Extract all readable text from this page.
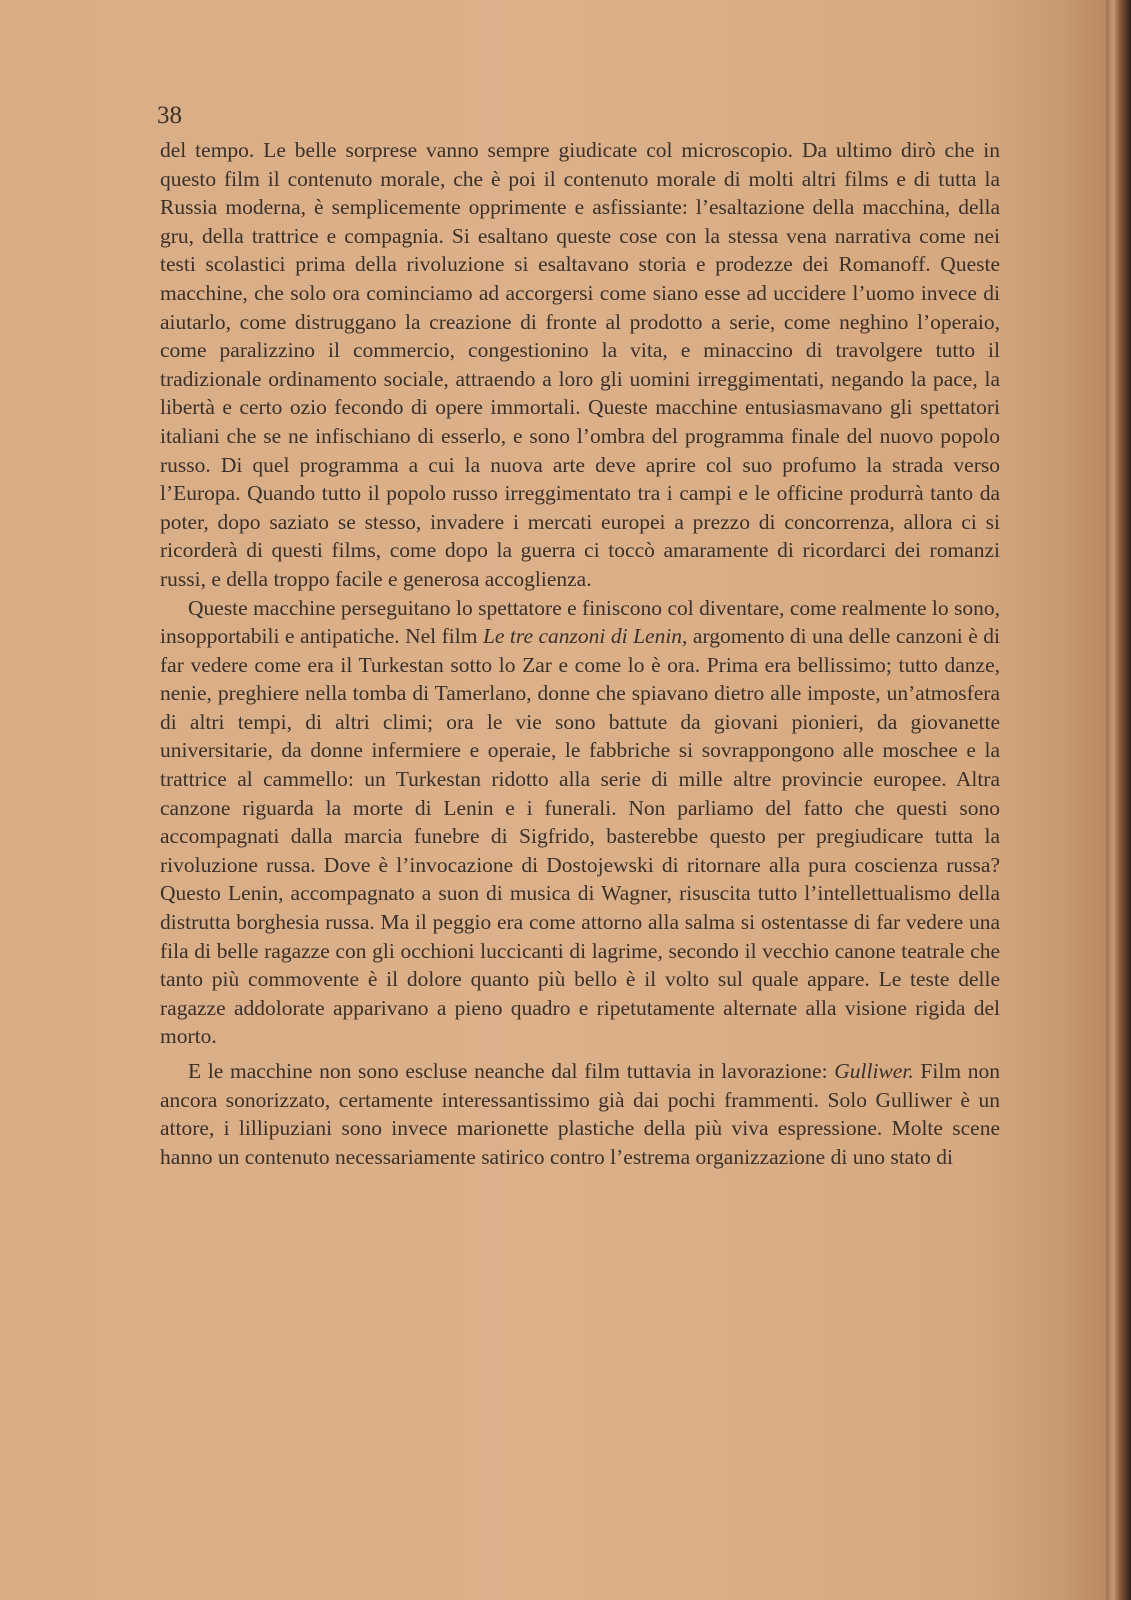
38

del tempo. Le belle sorprese vanno sempre giudicate col microscopio. Da ultimo dirò che in questo film il contenuto morale, che è poi il contenuto morale di molti altri films e di tutta la Russia moderna, è semplicemente opprimente e asfissiante: l’esaltazione della macchina, della gru, della trattrice e compagnia. Si esaltano queste cose con la stessa vena narrativa come nei testi scolastici prima della rivoluzione si esaltavano storia e prodezze dei Romanoff. Queste macchine, che solo ora cominciamo ad accorgersi come siano esse ad uccidere l’uomo invece di aiutarlo, come distruggano la creazione di fronte al prodotto a serie, come neghino l’operaio, come paralizzino il commercio, congestionino la vita, e minaccino di travolgere tutto il tradizionale ordinamento sociale, attraendo a loro gli uomini irreggimentati, negando la pace, la libertà e certo ozio fecondo di opere immortali. Queste macchine entusiasmavano gli spettatori italiani che se ne infischiano di esserlo, e sono l’ombra del programma finale del nuovo popolo russo. Di quel programma a cui la nuova arte deve aprire col suo profumo la strada verso l’Europa. Quando tutto il popolo russo irreggimentato tra i campi e le officine produrrà tanto da poter, dopo saziato se stesso, invadere i mercati europei a prezzo di concorrenza, allora ci si ricorderà di questi films, come dopo la guerra ci toccò amaramente di ricordarci dei romanzi russi, e della troppo facile e generosa accoglienza.

Queste macchine perseguitano lo spettatore e finiscono col diventare, come realmente lo sono, insopportabili e antipatiche. Nel film Le tre canzoni di Lenin, argomento di una delle canzoni è di far vedere come era il Turkestan sotto lo Zar e come lo è ora. Prima era bellissimo; tutto danze, nenie, preghiere nella tomba di Tamerlano, donne che spiavano dietro alle imposte, un’atmosfera di altri tempi, di altri climi; ora le vie sono battute da giovani pionieri, da giovanette universitarie, da donne infermiere e operaie, le fabbriche si sovrappongono alle moschee e la trattrice al cammello: un Turkestan ridotto alla serie di mille altre provincie europee. Altra canzone riguarda la morte di Lenin e i funerali. Non parliamo del fatto che questi sono accompagnati dalla marcia funebre di Sigfrido, basterebbe questo per pregiudicare tutta la rivoluzione russa. Dove è l’invocazione di Dostojewski di ritornare alla pura coscienza russa? Questo Lenin, accompagnato a suon di musica di Wagner, risuscita tutto l’intellettualismo della distrutta borghesia russa. Ma il peggio era come attorno alla salma si ostentasse di far vedere una fila di belle ragazze con gli occhioni luccicanti di lagrime, secondo il vecchio canone teatrale che tanto più commovente è il dolore quanto più bello è il volto sul quale appare. Le teste delle ragazze addolorate apparivano a pieno quadro e ripetutamente alternate alla visione rigida del morto.

E le macchine non sono escluse neanche dal film tuttavia in lavorazione: Gulliwer. Film non ancora sonorizzato, certamente interessantissimo già dai pochi frammenti. Solo Gulliwer è un attore, i lillipuziani sono invece marionette plastiche della più viva espressione. Molte scene hanno un contenuto necessariamente satirico contro l’estrema organizzazione di uno stato di
